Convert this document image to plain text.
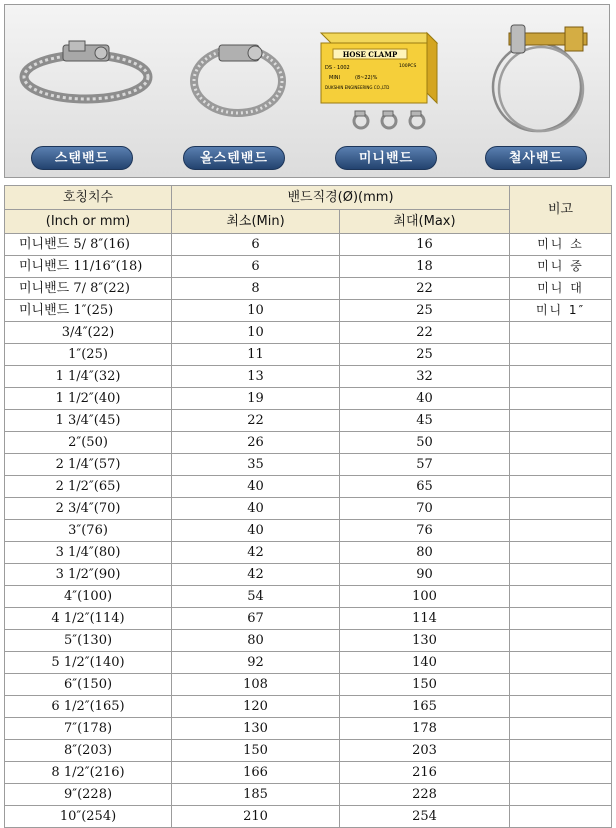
스탠밴드	올스텐밴드
HOSE CLAMP
DS - 1002	100PCS
MINI	(8~22)%
DUKSHIN ENGINEERING CO.,LTD
미니밴드	철사밴드
호칭치수	밴드직경(Ø)(mm)		비고
(Inch or mm)	최소(Min)	최대(Max)	
미니밴드 5/ 8″(16)	6	16	미니 소
미니밴드 11/16″(18)	6	18	미니 중
미니밴드 7/ 8″(22)	8	22	미니 대
미니밴드 1″(25)	10	25	미니 1″
3/4″(22)	10	22	
1″(25)	11	25	
1 1/4″(32)	13	32	
1 1/2″(40)	19	40	
1 3/4″(45)	22	45	
2″(50)	26	50	
2 1/4″(57)	35	57	
2 1/2″(65)	40	65	
2 3/4″(70)	40	70	
3″(76)	40	76	
3 1/4″(80)	42	80	
3 1/2″(90)	42	90	
4″(100)	54	100	
4 1/2″(114)	67	114	
5″(130)	80	130	
5 1/2″(140)	92	140	
6″(150)	108	150	
6 1/2″(165)	120	165	
7″(178)	130	178	
8″(203)	150	203	
8 1/2″(216)	166	216	
9″(228)	185	228	
10″(254)	210	254	
